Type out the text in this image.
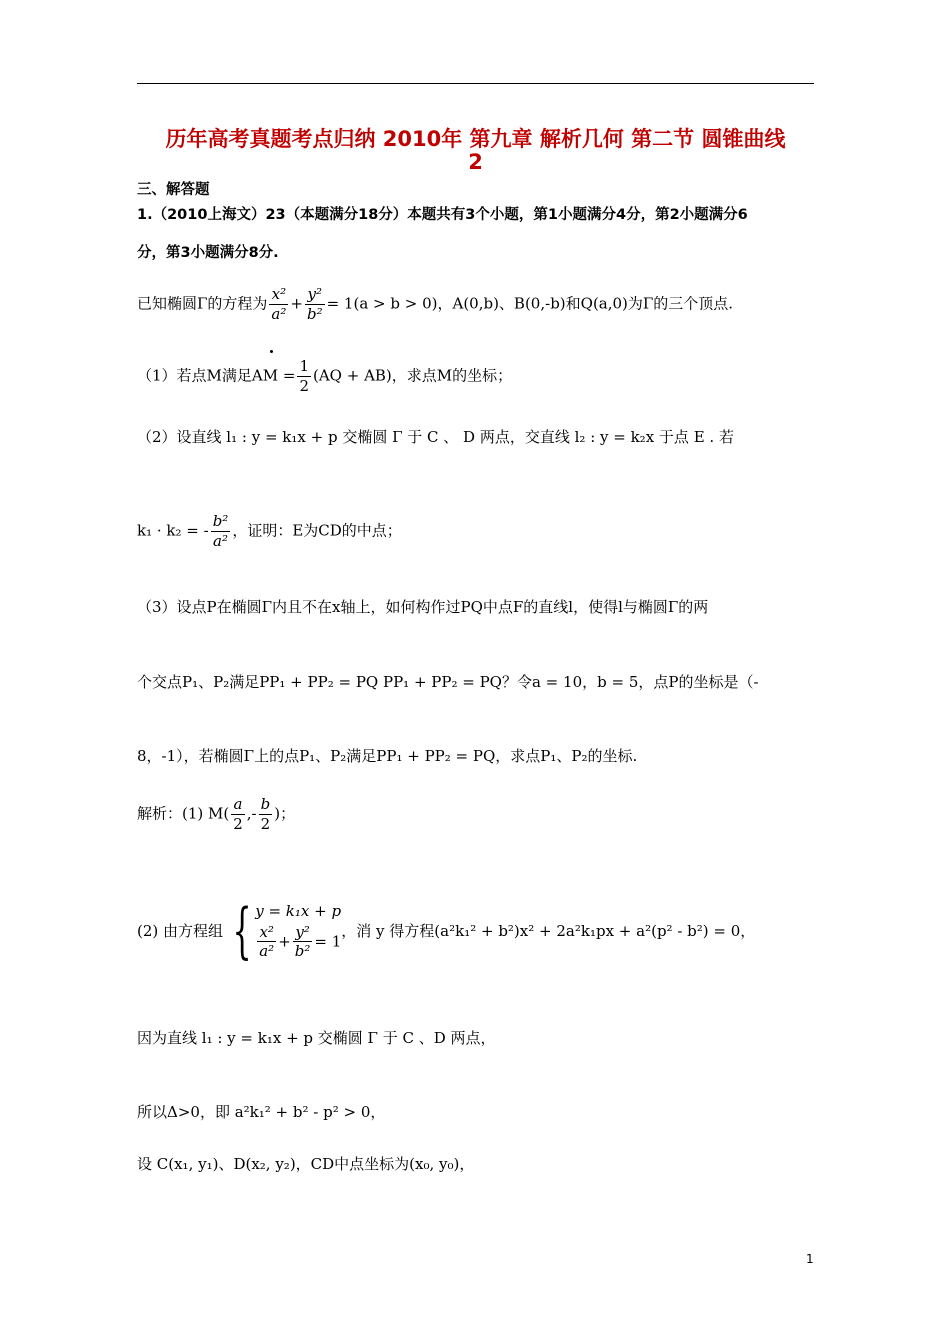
历年高考真题考点归纳 2010年 第九章 解析几何 第二节 圆锥曲线
2
三、解答题
1.（2010上海文）23（本题满分18分）本题共有3个小题，第1小题满分4分，第2小题满分6
分，第3小题满分8分.
已知椭圆Γ的方程为 $\frac{\text{x²}}{\text{a²}} + \frac{\text{y²}}{\text{b²}} = 1(a > b > 0)$，A(0,b)、B(0,-b)和Q(a,0)为Γ的三个顶点.
（1）若点M满足AM = $\frac{1}{2} (AQ + AB)$，求点M的坐标；
（2）设直线 l₁ : y = k₁x + p 交椭圆 Γ 于 C 、 D 两点，交直线 l₂ : y = k₂x 于点 E . 若
k₁ · k₂ = - $\frac{\text{b²}}{\text{a²}}$ ，证明：E为CD的中点；
（3）设点P在椭圆Γ内且不在x轴上，如何构作过PQ中点F的直线l，使得l与椭圆Γ的两
个交点P₁、P₂满足PP₁ + PP₂ = PQ PP₁ + PP₂ = PQ？令a = 10，b = 5，点P的坐标是（-
8，-1），若椭圆Γ上的点P₁、P₂满足PP₁ + PP₂ = PQ，求点P₁、P₂的坐标.
解析：(1) $M( \frac{a}{2}$ ,- $\frac{b}{2}$ )；
(2) 由方程组 { y = k₁x + p
$\frac{\text{x²}}{\text{a²}} + \frac{\text{y²}}{\text{b²}} = 1$
，消 y 得方程(a²k₁² + b²)x² + 2a²k₁px + a²(p² - b²) = 0，
因为直线 l₁ : y = k₁x + p 交椭圆 Γ 于 C 、D 两点，
所以Δ>0，即 a²k₁² + b² - p² > 0，
设 C(x₁, y₁)、D(x₂, y₂)，CD中点坐标为(x₀, y₀)，
1
